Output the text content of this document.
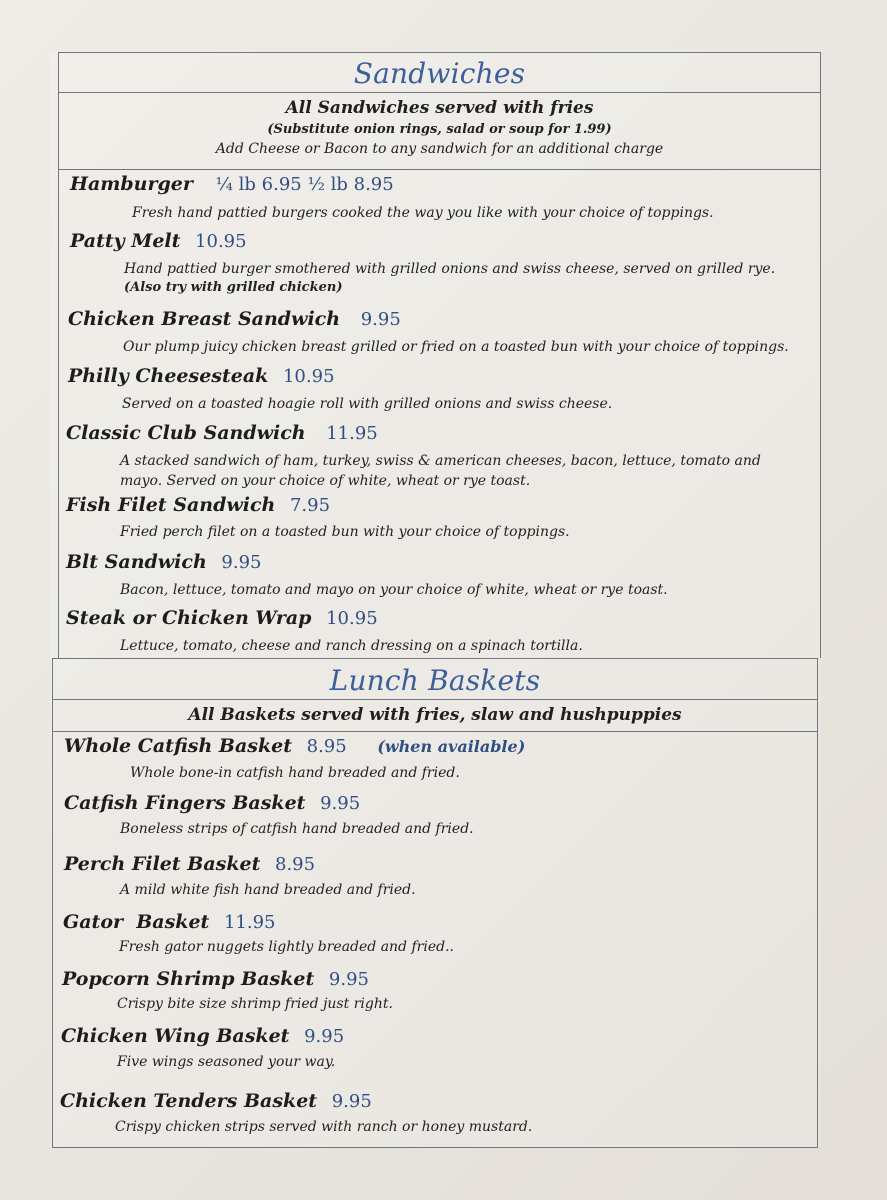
Sandwiches
All Sandwiches served with fries
(Substitute onion rings, salad or soup for 1.99)
Add Cheese or Bacon to any sandwich for an additional charge
Hamburger ¼ lb 6.95 ½ lb 8.95
Fresh hand pattied burgers cooked the way you like with your choice of toppings.
Patty Melt 10.95
Hand pattied burger smothered with grilled onions and swiss cheese, served on grilled rye.
(Also try with grilled chicken)
Chicken Breast Sandwich 9.95
Our plump juicy chicken breast grilled or fried on a toasted bun with your choice of toppings.
Philly Cheesesteak 10.95
Served on a toasted hoagie roll with grilled onions and swiss cheese.
Classic Club Sandwich 11.95
A stacked sandwich of ham, turkey, swiss & american cheeses, bacon, lettuce, tomato and mayo. Served on your choice of white, wheat or rye toast.
Fish Filet Sandwich 7.95
Fried perch filet on a toasted bun with your choice of toppings.
Blt Sandwich 9.95
Bacon, lettuce, tomato and mayo on your choice of white, wheat or rye toast.
Steak or Chicken Wrap 10.95
Lettuce, tomato, cheese and ranch dressing on a spinach tortilla.
Lunch Baskets
All Baskets served with fries, slaw and hushpuppies
Whole Catfish Basket 8.95 (when available)
Whole bone-in catfish hand breaded and fried.
Catfish Fingers Basket 9.95
Boneless strips of catfish hand breaded and fried.
Perch Filet Basket 8.95
A mild white fish hand breaded and fried.
Gator  Basket 11.95
Fresh gator nuggets lightly breaded and fried..
Popcorn Shrimp Basket 9.95
Crispy bite size shrimp fried just right.
Chicken Wing Basket 9.95
Five wings seasoned your way.
Chicken Tenders Basket 9.95
Crispy chicken strips served with ranch or honey mustard.
